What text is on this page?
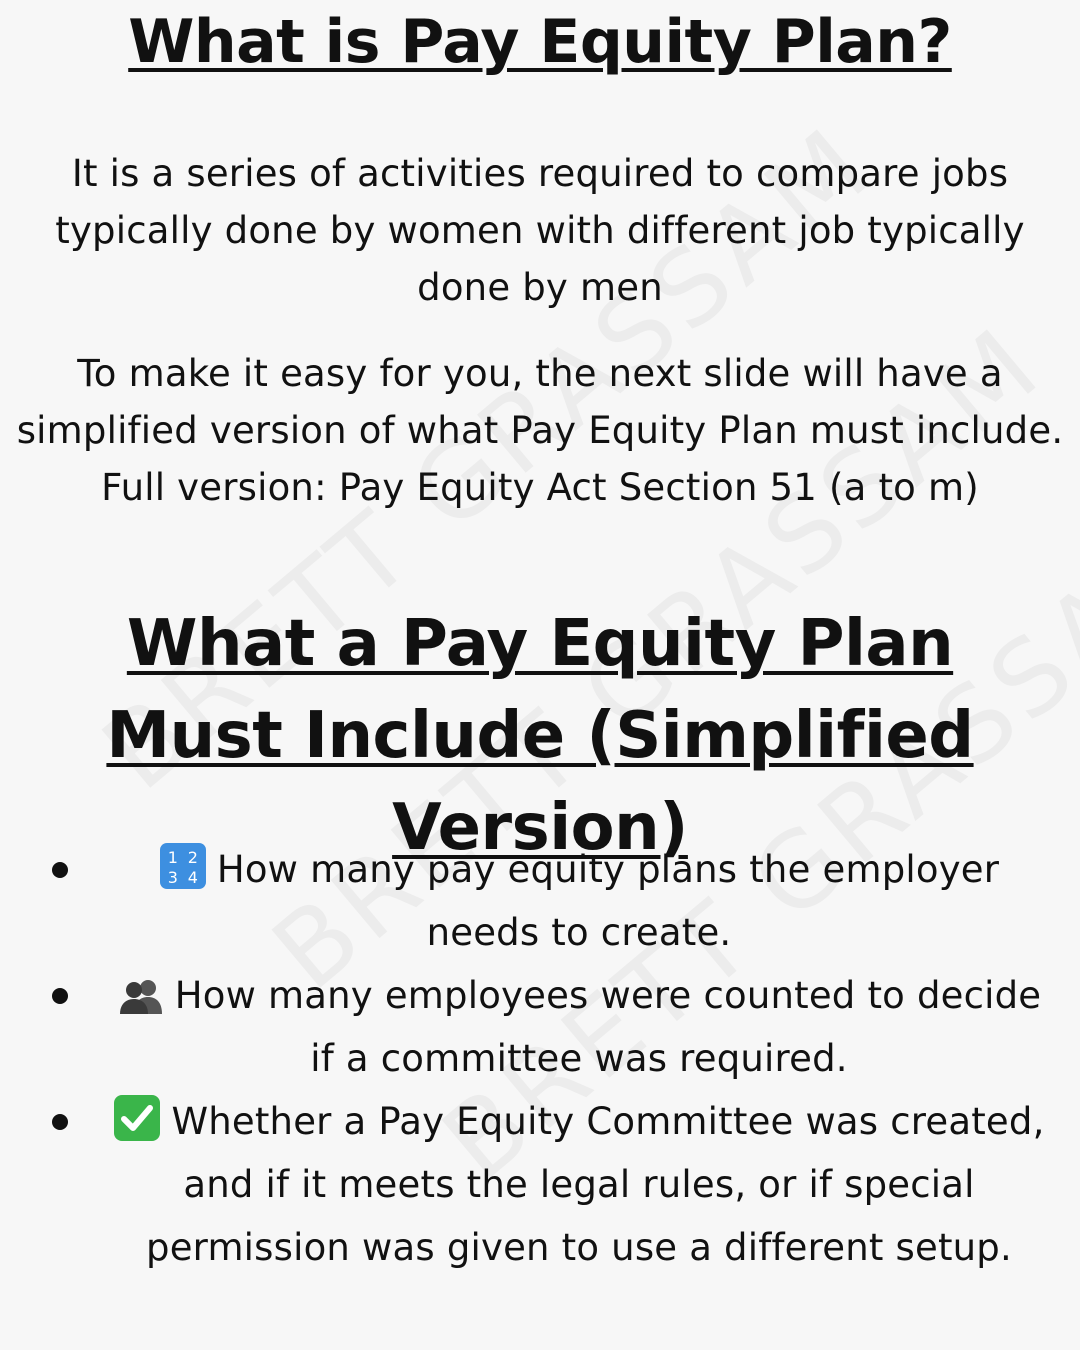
What is Pay Equity Plan?
It is a series of activities required to compare jobs typically done by women with different job typically done by men
To make it easy for you, the next slide will have a simplified version of what Pay Equity Plan must include. Full version: Pay Equity Act Section 51 (a to m)
What a Pay Equity Plan Must Include (Simplified Version)
1 2
3 4 How many pay equity plans the employer needs to create.
How many employees were counted to decide if a committee was required.
Whether a Pay Equity Committee was created, and if it meets the legal rules, or if special permission was given to use a different setup.
